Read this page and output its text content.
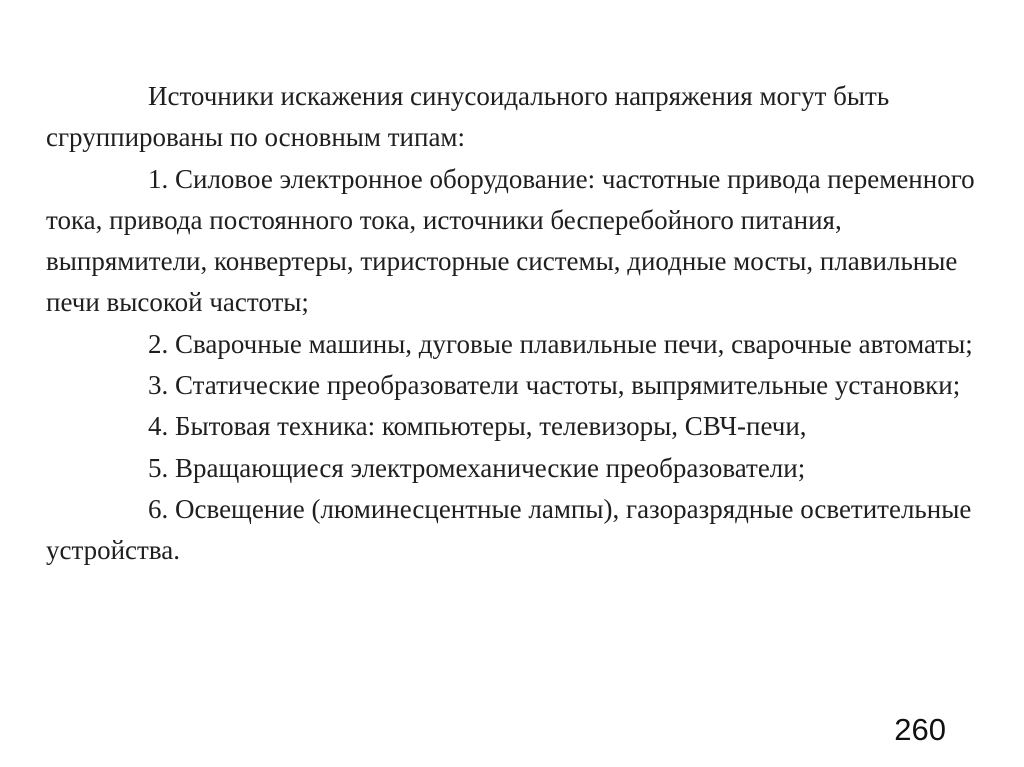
Источники искажения синусоидального напряжения могут быть сгруппированы по основным типам:

1. Силовое электронное оборудование: частотные привода переменного тока, привода постоянного тока, источники бесперебойного питания, выпрямители, конвертеры, тиристорные системы, диодные мосты, плавильные печи высокой частоты;

2. Сварочные машины, дуговые плавильные печи, сварочные автоматы;

3. Статические преобразователи частоты, выпрямительные установки;

4. Бытовая техника: компьютеры, телевизоры, СВЧ-печи,

5. Вращающиеся электромеханические преобразователи;

6. Освещение (люминесцентные лампы), газоразрядные осветительные устройства.

260
